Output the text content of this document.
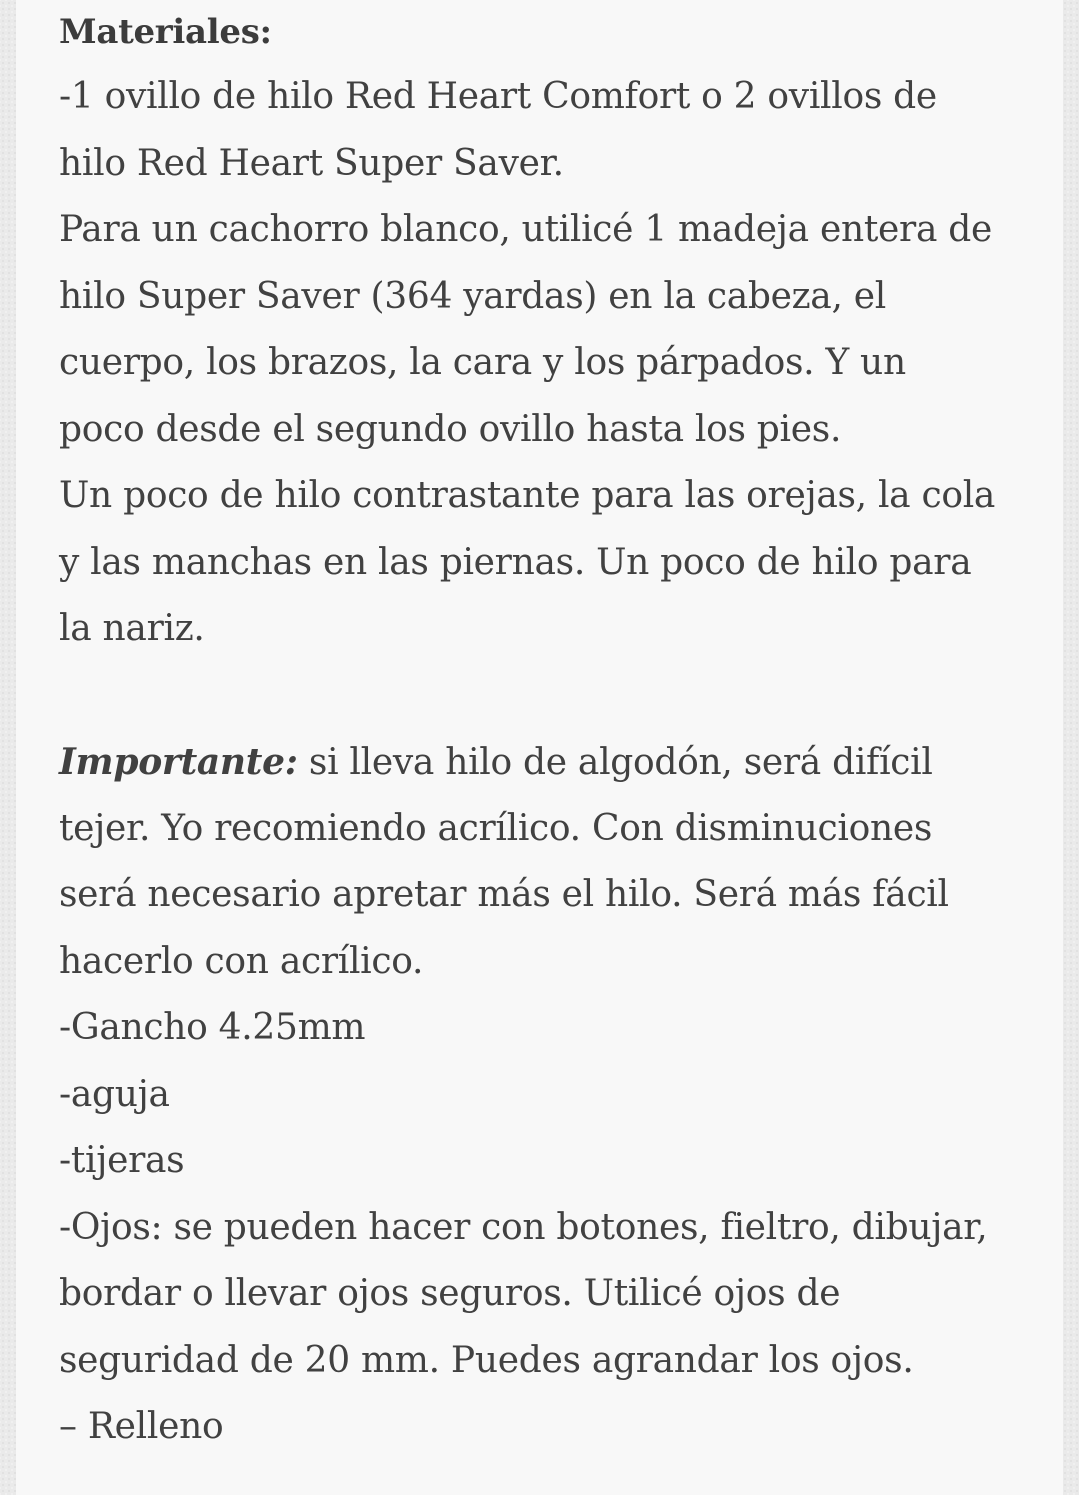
Materiales:
-1 ovillo de hilo Red Heart Comfort o 2 ovillos de
hilo Red Heart Super Saver.
Para un cachorro blanco, utilicé 1 madeja entera de
hilo Super Saver (364 yardas) en la cabeza, el
cuerpo, los brazos, la cara y los párpados. Y un
poco desde el segundo ovillo hasta los pies.
Un poco de hilo contrastante para las orejas, la cola
y las manchas en las piernas. Un poco de hilo para
la nariz.
Importante: si lleva hilo de algodón, será difícil
tejer. Yo recomiendo acrílico. Con disminuciones
será necesario apretar más el hilo. Será más fácil
hacerlo con acrílico.
-Gancho 4.25mm
-aguja
-tijeras
-Ojos: se pueden hacer con botones, fieltro, dibujar,
bordar o llevar ojos seguros. Utilicé ojos de
seguridad de 20 mm. Puedes agrandar los ojos.
– Relleno
